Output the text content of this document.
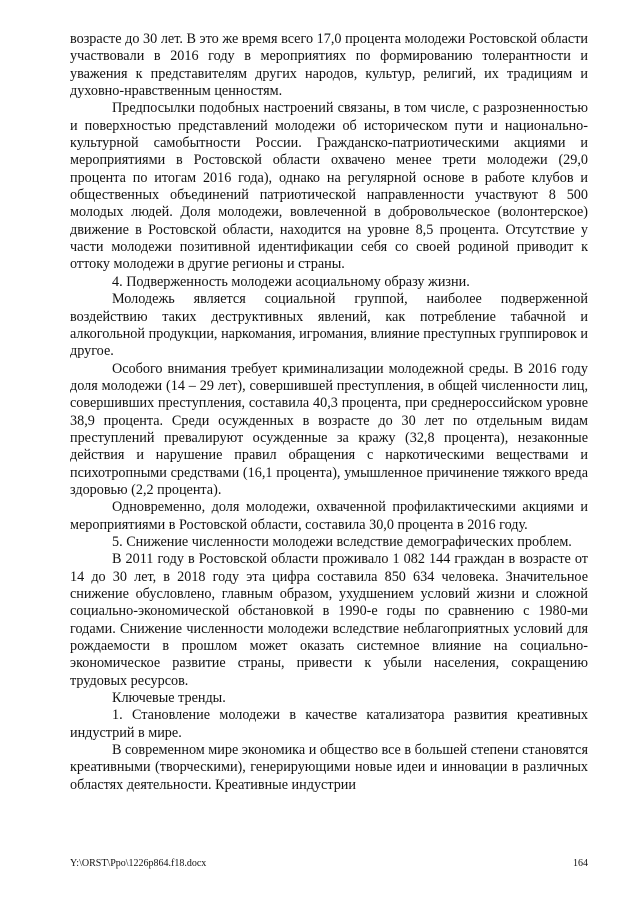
возрасте до 30 лет. В это же время всего 17,0 процента молодежи Ростовской области участвовали в 2016 году в мероприятиях по формированию толерантности и уважения к представителям других народов, культур, религий, их традициям и духовно-нравственным ценностям.

Предпосылки подобных настроений связаны, в том числе, с разрозненностью и поверхностью представлений молодежи об историческом пути и национально-культурной самобытности России. Гражданско-патриотическими акциями и мероприятиями в Ростовской области охвачено менее трети молодежи (29,0 процента по итогам 2016 года), однако на регулярной основе в работе клубов и общественных объединений патриотической направленности участвуют 8 500 молодых людей. Доля молодежи, вовлеченной в добровольческое (волонтерское) движение в Ростовской области, находится на уровне 8,5 процента. Отсутствие у части молодежи позитивной идентификации себя со своей родиной приводит к оттоку молодежи в другие регионы и страны.

4. Подверженность молодежи асоциальному образу жизни.

Молодежь является социальной группой, наиболее подверженной воздействию таких деструктивных явлений, как потребление табачной и алкогольной продукции, наркомания, игромания, влияние преступных группировок и другое.

Особого внимания требует криминализации молодежной среды. В 2016 году доля молодежи (14 – 29 лет), совершившей преступления, в общей численности лиц, совершивших преступления, составила 40,3 процента, при среднероссийском уровне 38,9 процента. Среди осужденных в возрасте до 30 лет по отдельным видам преступлений превалируют осужденные за кражу (32,8 процента), незаконные действия и нарушение правил обращения с наркотическими веществами и психотропными средствами (16,1 процента), умышленное причинение тяжкого вреда здоровью (2,2 процента).

Одновременно, доля молодежи, охваченной профилактическими акциями и мероприятиями в Ростовской области, составила 30,0 процента в 2016 году.

5. Снижение численности молодежи вследствие демографических проблем.

В 2011 году в Ростовской области проживало 1 082 144 граждан в возрасте от 14 до 30 лет, в 2018 году эта цифра составила 850 634 человека. Значительное снижение обусловлено, главным образом, ухудшением условий жизни и сложной социально-экономической обстановкой в 1990-е годы по сравнению с 1980-ми годами. Снижение численности молодежи вследствие неблагоприятных условий для рождаемости в прошлом может оказать системное влияние на социально-экономическое развитие страны, привести к убыли населения, сокращению трудовых ресурсов.

Ключевые тренды.

1. Становление молодежи в качестве катализатора развития креативных индустрий в мире.

В современном мире экономика и общество все в большей степени становятся креативными (творческими), генерирующими новые идеи и инновации в различных областях деятельности. Креативные индустрии

Y:\ORST\Ppo\1226p864.f18.docx	164
